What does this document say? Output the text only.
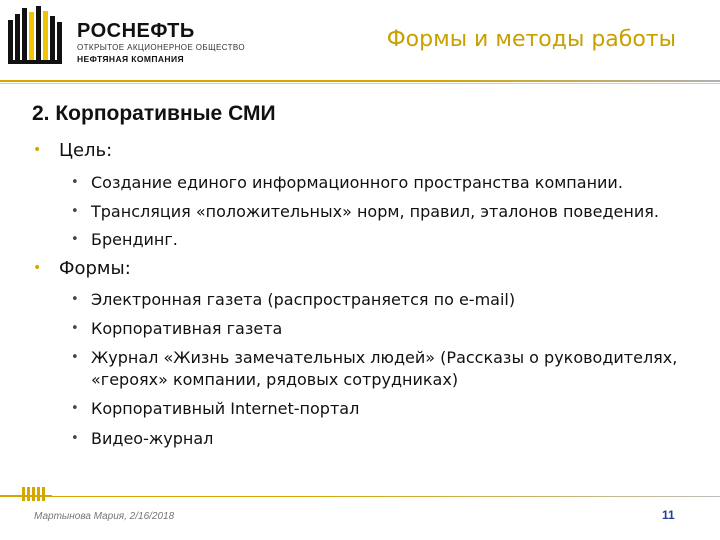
РОСНЕФТЬ
ОТКРЫТОЕ АКЦИОНЕРНОЕ ОБЩЕСТВО
НЕФТЯНАЯ КОМПАНИЯ
Формы и методы работы
2. Корпоративные СМИ
• Цель:
• Создание единого информационного пространства компании.
• Трансляция «положительных» норм, правил, эталонов поведения.
• Брендинг.
• Формы:
• Электронная газета (распространяется по e-mail)
• Корпоративная газета
• Журнал «Жизнь замечательных людей» (Рассказы о руководителях, «героях» компании, рядовых сотрудниках)
• Корпоративный Internet-портал
• Видео-журнал
Мартынова Мария, 2/16/2018	11
